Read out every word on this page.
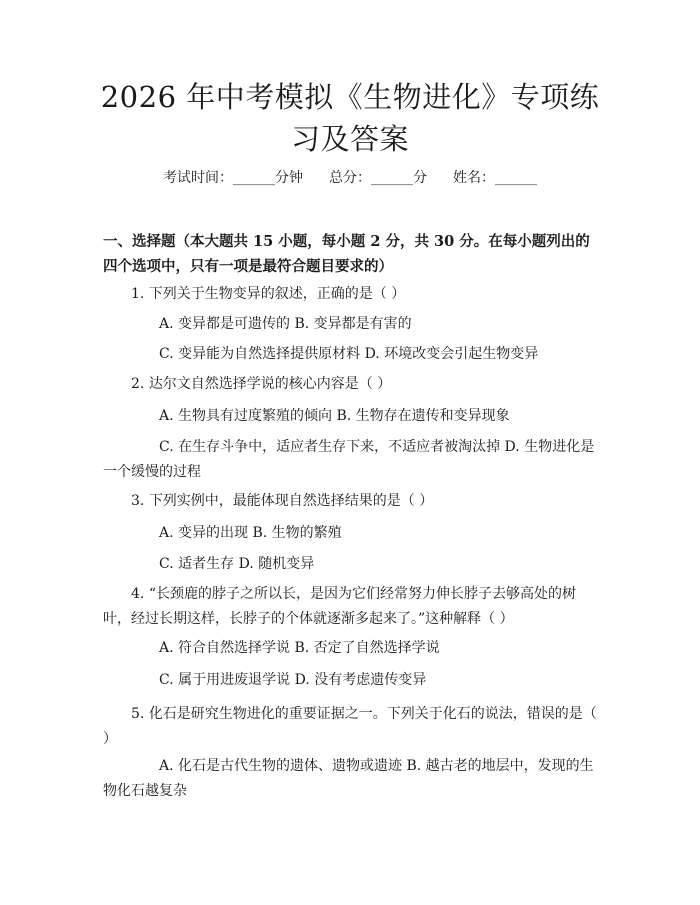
2026 年中考模拟《生物进化》专项练习及答案
考试时间：______分钟 总分：______分 姓名：______

一、选择题（本大题共 15 小题，每小题 2 分，共 30 分。在每小题列出的四个选项中，只有一项是最符合题目要求的）

1. 下列关于生物变异的叙述，正确的是（ ）

A. 变异都是可遗传的 B. 变异都是有害的

C. 变异能为自然选择提供原材料 D. 环境改变会引起生物变异

2. 达尔文自然选择学说的核心内容是（ ）

A. 生物具有过度繁殖的倾向 B. 生物存在遗传和变异现象

C. 在生存斗争中，适应者生存下来，不适应者被淘汰掉 D. 生物进化是一个缓慢的过程

3. 下列实例中，最能体现自然选择结果的是（ ）

A. 变异的出现 B. 生物的繁殖

C. 适者生存 D. 随机变异

4. “长颈鹿的脖子之所以长，是因为它们经常努力伸长脖子去够高处的树叶，经过长期这样，长脖子的个体就逐渐多起来了。”这种解释（ ）

A. 符合自然选择学说 B. 否定了自然选择学说

C. 属于用进废退学说 D. 没有考虑遗传变异

5. 化石是研究生物进化的重要证据之一。下列关于化石的说法，错误的是（ ）

A. 化石是古代生物的遗体、遗物或遗迹 B. 越古老的地层中，发现的生物化石越复杂
